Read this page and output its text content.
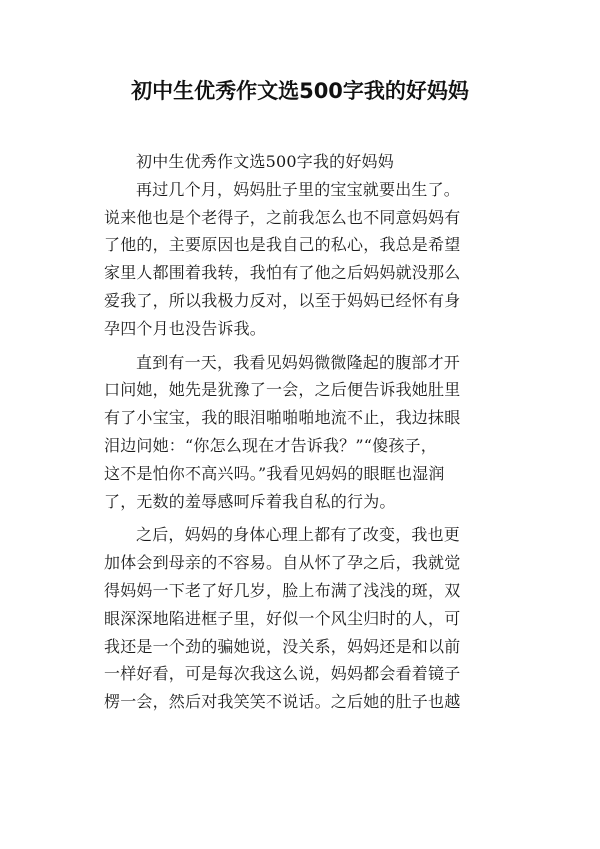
初中生优秀作文选500字我的好妈妈
初中生优秀作文选500字我的好妈妈
再过几个月，妈妈肚子里的宝宝就要出生了。
说来他也是个老得子，之前我怎么也不同意妈妈有
了他的，主要原因也是我自己的私心，我总是希望
家里人都围着我转，我怕有了他之后妈妈就没那么
爱我了，所以我极力反对，以至于妈妈已经怀有身
孕四个月也没告诉我。
直到有一天，我看见妈妈微微隆起的腹部才开
口问她，她先是犹豫了一会，之后便告诉我她肚里
有了小宝宝，我的眼泪啪啪啪地流不止，我边抹眼
泪边问她：“你怎么现在才告诉我？”“傻孩子，
这不是怕你不高兴吗。”我看见妈妈的眼眶也湿润
了，无数的羞辱感呵斥着我自私的行为。
之后，妈妈的身体心理上都有了改变，我也更
加体会到母亲的不容易。自从怀了孕之后，我就觉
得妈妈一下老了好几岁，脸上布满了浅浅的斑，双
眼深深地陷进框子里，好似一个风尘归时的人，可
我还是一个劲的骗她说，没关系，妈妈还是和以前
一样好看，可是每次我这么说，妈妈都会看着镜子
楞一会，然后对我笑笑不说话。之后她的肚子也越
